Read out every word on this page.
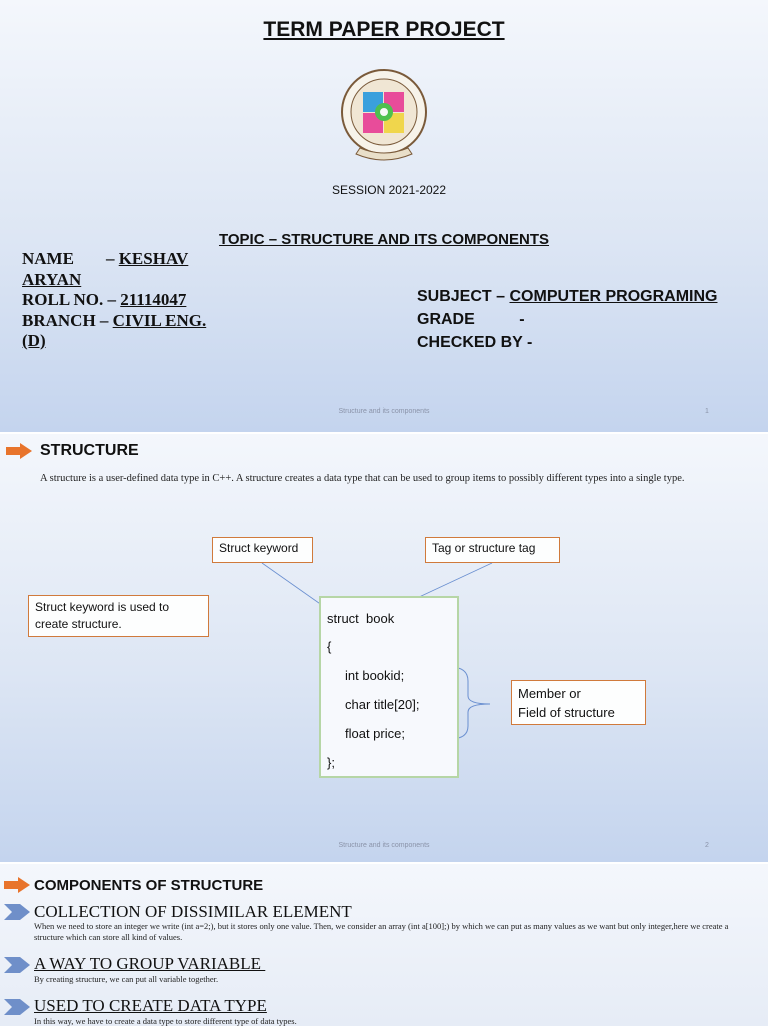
TERM PAPER PROJECT
SESSION 2021-2022
TOPIC – STRUCTURE AND ITS COMPONENTS
NAME – KESHAV
ARYAN
ROLL NO. – 21114047
BRANCH – CIVIL ENG.
(D)
SUBJECT – COMPUTER PROGRAMING
GRADE          -
CHECKED BY -
Structure and its components	1
STRUCTURE
A structure is a user-defined data type in C++. A structure creates a data type that can be used to group items to possibly different types into a single type.
Struct keyword	Tag or structure tag
Struct keyword is used to create structure.
Member or
Field of structure
struct  book
{
int bookid;
char title[20];
float price;
};
Structure and its components	2
COMPONENTS OF STRUCTURE
COLLECTION OF DISSIMILAR ELEMENT
When we need to store an integer we write (int a=2;), but it stores only one value. Then, we consider an array (int a[100];) by which we can put as many values as we want but only integer,here we create a structure which can store all kind of values.
A WAY TO GROUP VARIABLE
By creating structure, we can put all variable together.
USED TO CREATE DATA TYPE
In this way, we have to create a data type to store different type of data types.
